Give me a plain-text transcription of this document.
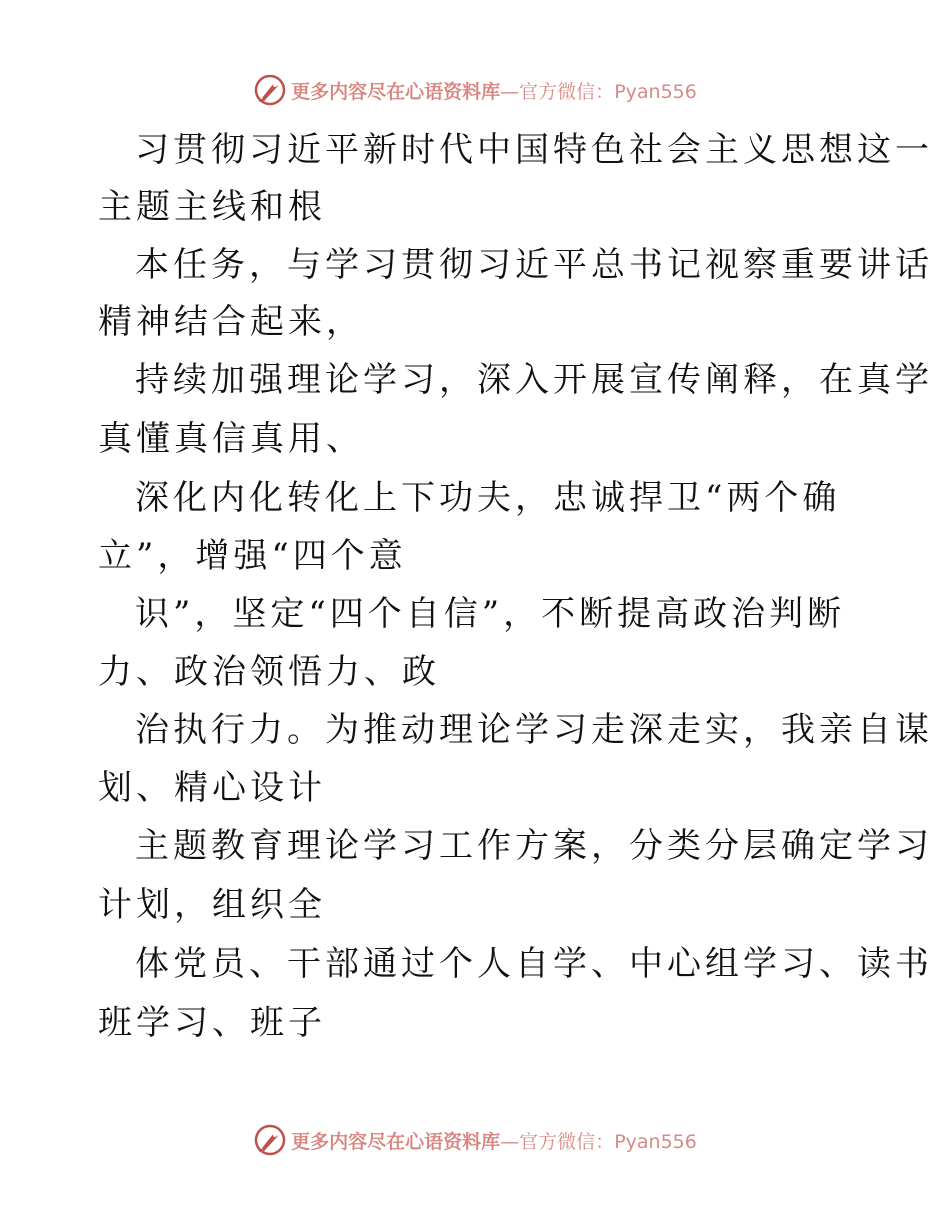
更多内容尽在心语资料库—官方微信：Pyan556
习贯彻习近平新时代中国特色社会主义思想这一
主题主线和根
本任务，与学习贯彻习近平总书记视察重要讲话
精神结合起来，
持续加强理论学习，深入开展宣传阐释，在真学
真懂真信真用、
深化内化转化上下功夫，忠诚捍卫“两个确
立”，增强“四个意
识”，坚定“四个自信”，不断提高政治判断
力、政治领悟力、政
治执行力。为推动理论学习走深走实，我亲自谋
划、精心设计
主题教育理论学习工作方案，分类分层确定学习
计划，组织全
体党员、干部通过个人自学、中心组学习、读书
班学习、班子
更多内容尽在心语资料库—官方微信：Pyan556
